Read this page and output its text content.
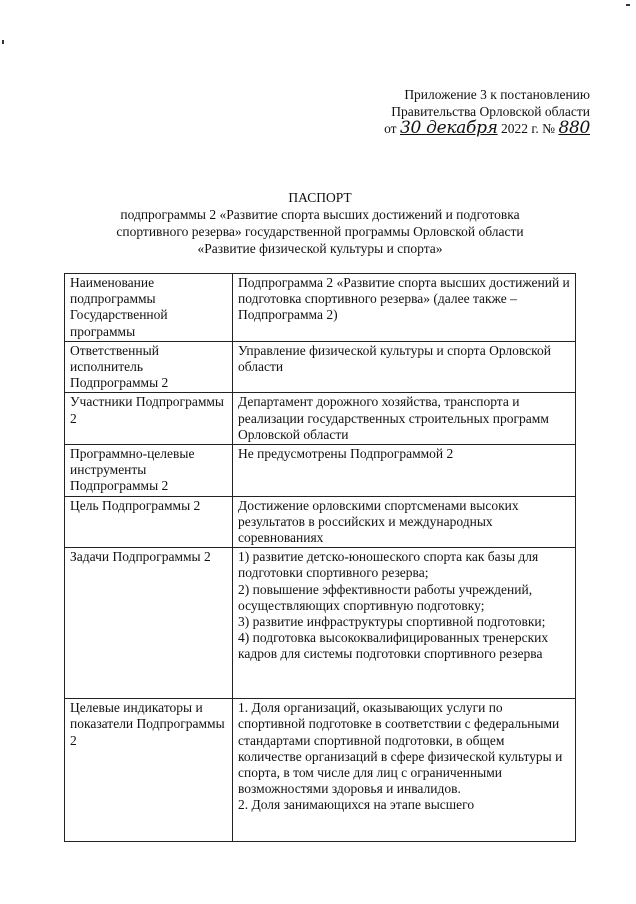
Приложение 3 к постановлению
Правительства Орловской области
от 30 декабря 2022 г. № 880
ПАСПОРТ
подпрограммы 2 «Развитие спорта высших достижений и подготовка
спортивного резерва» государственной программы Орловской области
«Развитие физической культуры и спорта»
Наименование подпрограммы Государственной программы	Подпрограмма 2 «Развитие спорта высших достижений и подготовка спортивного резерва» (далее также – Подпрограмма 2)

Ответственный исполнитель Подпрограммы 2	Управление физической культуры и спорта Орловской области

Участники Подпрограммы 2	Департамент дорожного хозяйства, транспорта и реализации государственных строительных программ Орловской области

Программно-целевые инструменты Подпрограммы 2	Не предусмотрены Подпрограммой 2

Цель Подпрограммы 2	Достижение орловскими спортсменами высоких результатов в российских и международных соревнованиях

Задачи Подпрограммы 2	1) развитие детско-юношеского спорта как базы для подготовки спортивного резерва;
2) повышение эффективности работы учреждений, осуществляющих спортивную подготовку;
3) развитие инфраструктуры спортивной подготовки;
4) подготовка высококвалифицированных тренерских кадров для системы подготовки спортивного резерва

Целевые индикаторы и показатели Подпрограммы 2	1. Доля организаций, оказывающих услуги по спортивной подготовке в соответствии с федеральными стандартами спортивной подготовки, в общем количестве организаций в сфере физической культуры и спорта, в том числе для лиц с ограниченными возможностями здоровья и инвалидов.
2. Доля занимающихся на этапе высшего
